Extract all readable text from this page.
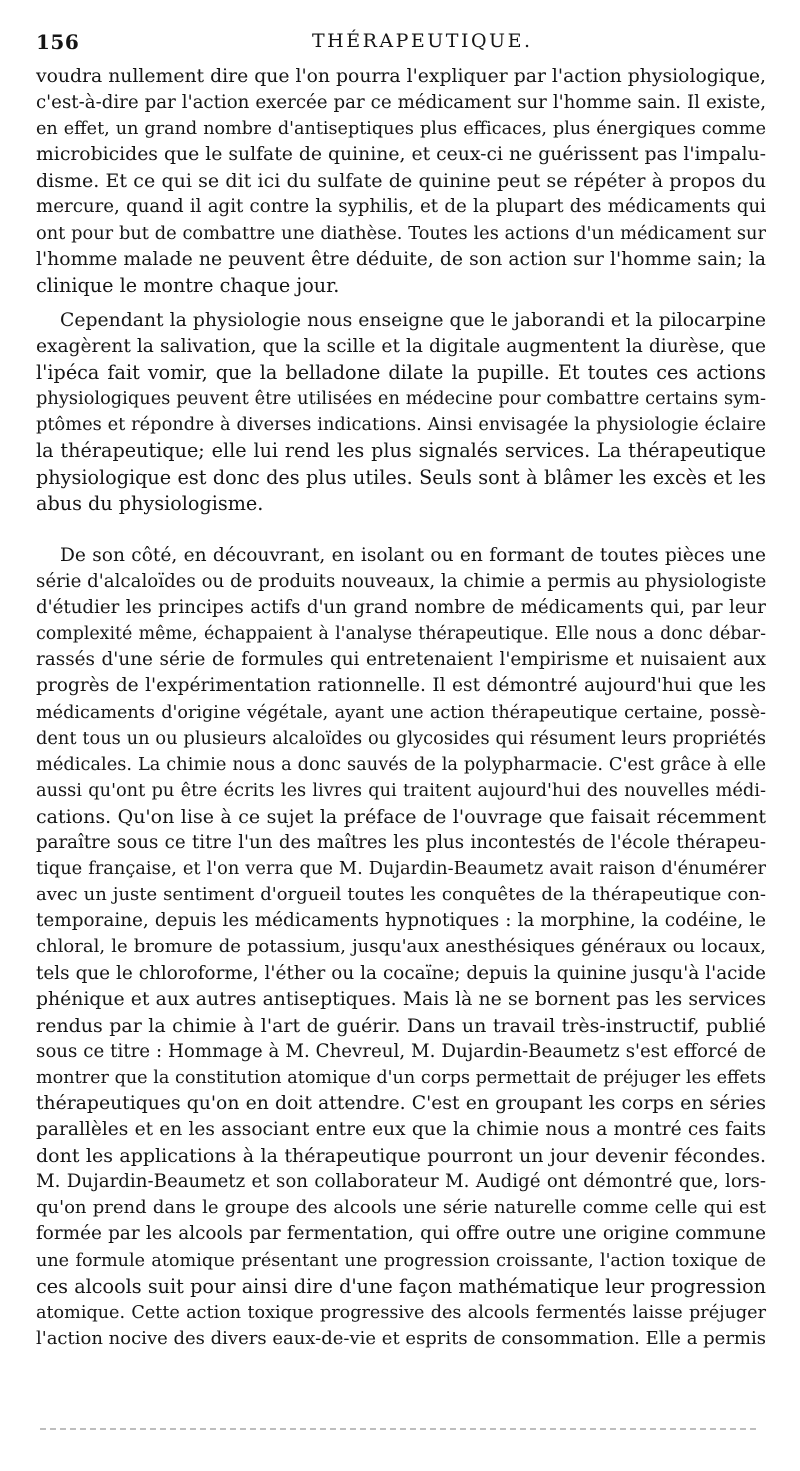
156	THÉRAPEUTIQUE.
voudra nullement dire que l'on pourra l'expliquer par l'action physiologique,
c'est-à-dire par l'action exercée par ce médicament sur l'homme sain. Il existe,
en effet, un grand nombre d'antiseptiques plus efficaces, plus énergiques comme
microbicides que le sulfate de quinine, et ceux-ci ne guérissent pas l'impalu-
disme. Et ce qui se dit ici du sulfate de quinine peut se répéter à propos du
mercure, quand il agit contre la syphilis, et de la plupart des médicaments qui
ont pour but de combattre une diathèse. Toutes les actions d'un médicament sur
l'homme malade ne peuvent être déduite, de son action sur l'homme sain; la
clinique le montre chaque jour.
Cependant la physiologie nous enseigne que le jaborandi et la pilocarpine
exagèrent la salivation, que la scille et la digitale augmentent la diurèse, que
l'ipéca fait vomir, que la belladone dilate la pupille. Et toutes ces actions
physiologiques peuvent être utilisées en médecine pour combattre certains sym-
ptômes et répondre à diverses indications. Ainsi envisagée la physiologie éclaire
la thérapeutique; elle lui rend les plus signalés services. La thérapeutique
physiologique est donc des plus utiles. Seuls sont à blâmer les excès et les
abus du physiologisme.
De son côté, en découvrant, en isolant ou en formant de toutes pièces une
série d'alcaloïdes ou de produits nouveaux, la chimie a permis au physiologiste
d'étudier les principes actifs d'un grand nombre de médicaments qui, par leur
complexité même, échappaient à l'analyse thérapeutique. Elle nous a donc débar-
rassés d'une série de formules qui entretenaient l'empirisme et nuisaient aux
progrès de l'expérimentation rationnelle. Il est démontré aujourd'hui que les
médicaments d'origine végétale, ayant une action thérapeutique certaine, possè-
dent tous un ou plusieurs alcaloïdes ou glycosides qui résument leurs propriétés
médicales. La chimie nous a donc sauvés de la polypharmacie. C'est grâce à elle
aussi qu'ont pu être écrits les livres qui traitent aujourd'hui des nouvelles médi-
cations. Qu'on lise à ce sujet la préface de l'ouvrage que faisait récemment
paraître sous ce titre l'un des maîtres les plus incontestés de l'école thérapeu-
tique française, et l'on verra que M. Dujardin-Beaumetz avait raison d'énumérer
avec un juste sentiment d'orgueil toutes les conquêtes de la thérapeutique con-
temporaine, depuis les médicaments hypnotiques : la morphine, la codéine, le
chloral, le bromure de potassium, jusqu'aux anesthésiques généraux ou locaux,
tels que le chloroforme, l'éther ou la cocaïne; depuis la quinine jusqu'à l'acide
phénique et aux autres antiseptiques. Mais là ne se bornent pas les services
rendus par la chimie à l'art de guérir. Dans un travail très-instructif, publié
sous ce titre : Hommage à M. Chevreul, M. Dujardin-Beaumetz s'est efforcé de
montrer que la constitution atomique d'un corps permettait de préjuger les effets
thérapeutiques qu'on en doit attendre. C'est en groupant les corps en séries
parallèles et en les associant entre eux que la chimie nous a montré ces faits
dont les applications à la thérapeutique pourront un jour devenir fécondes.
M. Dujardin-Beaumetz et son collaborateur M. Audigé ont démontré que, lors-
qu'on prend dans le groupe des alcools une série naturelle comme celle qui est
formée par les alcools par fermentation, qui offre outre une origine commune
une formule atomique présentant une progression croissante, l'action toxique de
ces alcools suit pour ainsi dire d'une façon mathématique leur progression
atomique. Cette action toxique progressive des alcools fermentés laisse préjuger
l'action nocive des divers eaux-de-vie et esprits de consommation. Elle a permis
